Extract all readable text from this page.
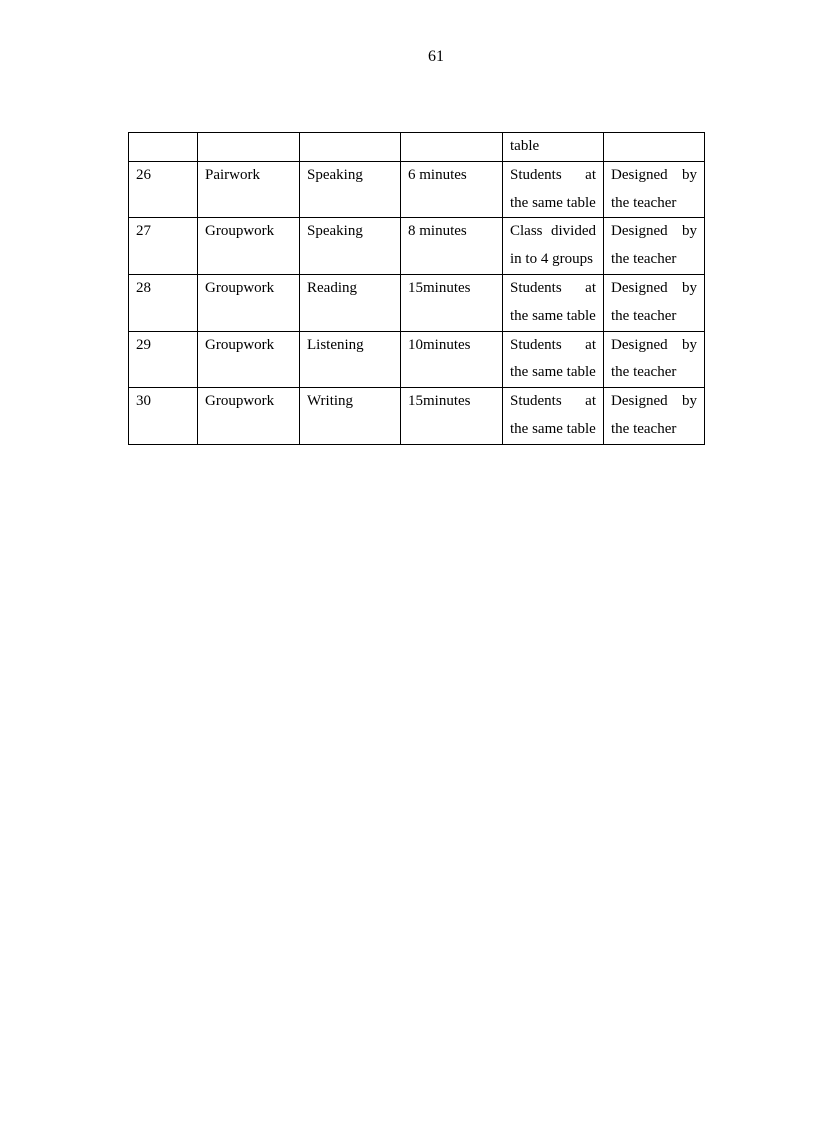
61
				table	
26	Pairwork	Speaking	6 minutes	Students at the same table	Designed by the teacher
27	Groupwork	Speaking	8 minutes	Class divided in to 4 groups	Designed by the teacher
28	Groupwork	Reading	15minutes	Students at the same table	Designed by the teacher
29	Groupwork	Listening	10minutes	Students at the same table	Designed by the teacher
30	Groupwork	Writing	15minutes	Students at the same table	Designed by the teacher
